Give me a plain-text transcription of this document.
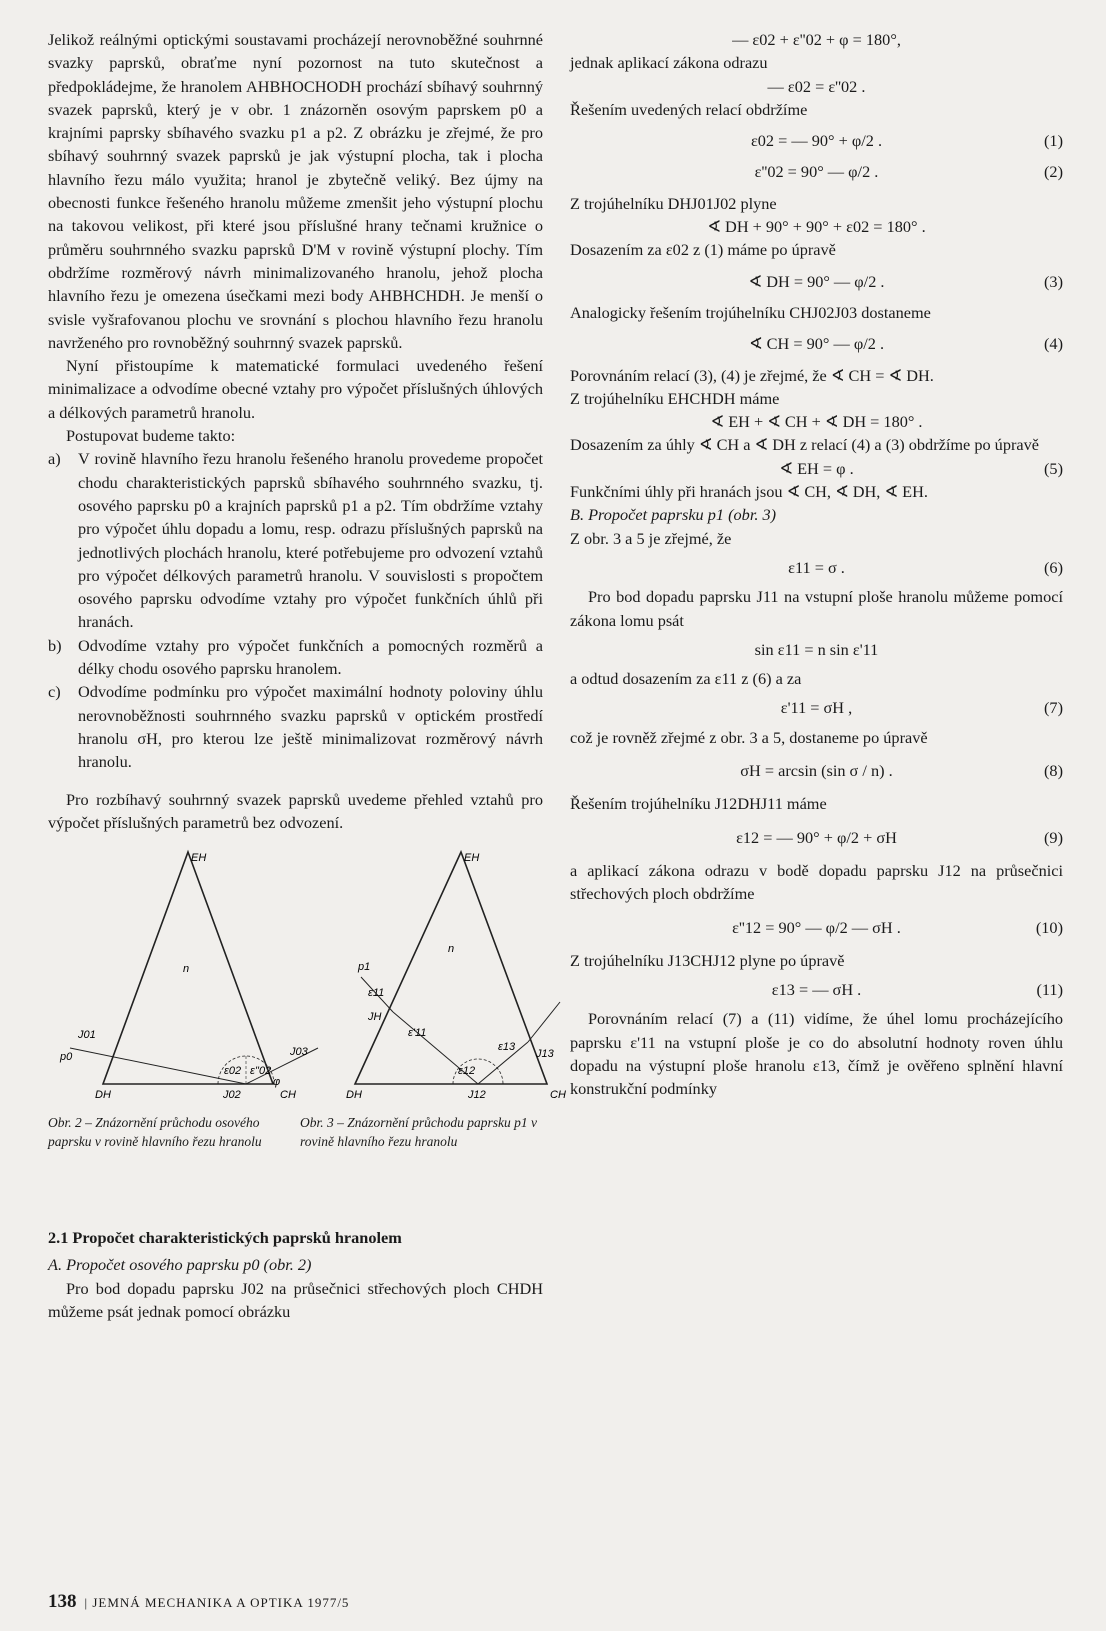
Jelikož reálnými optickými soustavami procházejí nerovnoběžné souhrnné svazky paprsků, obraťme nyní pozornost na tuto skutečnost a předpokládejme, že hranolem AHBHOCHODH prochází sbíhavý souhrnný svazek paprsků, který je v obr. 1 znázorněn osovým paprskem p0 a krajními paprsky sbíhavého svazku p1 a p2. Z obrázku je zřejmé, že pro sbíhavý souhrnný svazek paprsků je jak výstupní plocha, tak i plocha hlavního řezu málo využita; hranol je zbytečně veliký. Bez újmy na obecnosti funkce řešeného hranolu můžeme zmenšit jeho výstupní plochu na takovou velikost, při které jsou příslušné hrany tečnami kružnice o průměru souhrnného svazku paprsků D'M v rovině výstupní plochy. Tím obdržíme rozměrový návrh minimalizovaného hranolu, jehož plocha hlavního řezu je omezena úsečkami mezi body AHBHCHDH. Je menší o svisle vyšrafovanou plochu ve srovnání s plochou hlavního řezu hranolu navrženého pro rovnoběžný souhrnný svazek paprsků.

Nyní přistoupíme k matematické formulaci uvedeného řešení minimalizace a odvodíme obecné vztahy pro výpočet příslušných úhlových a délkových parametrů hranolu.

Postupovat budeme takto:

a)	V rovině hlavního řezu hranolu řešeného hranolu provedeme propočet chodu charakteristických paprsků sbíhavého souhrnného svazku, tj. osového paprsku p0 a krajních paprsků p1 a p2. Tím obdržíme vztahy pro výpočet úhlu dopadu a lomu, resp. odrazu příslušných paprsků na jednotlivých plochách hranolu, které potřebujeme pro odvození vztahů pro výpočet délkových parametrů hranolu. V souvislosti s propočtem osového paprsku odvodíme vztahy pro výpočet funkčních úhlů při hranách.
b)	Odvodíme vztahy pro výpočet funkčních a pomocných rozměrů a délky chodu osového paprsku hranolem.
c)	Odvodíme podmínku pro výpočet maximální hodnoty poloviny úhlu nerovnoběžnosti souhrnného svazku paprsků v optickém prostředí hranolu σH, pro kterou lze ještě minimalizovat rozměrový návrh hranolu.

Pro rozbíhavý souhrnný svazek paprsků uvedeme přehled vztahů pro výpočet příslušných parametrů bez odvození.

EH
DH	CH
n
J01
p0
J02
J03
φ
ε02 ε''02
EH
DH	CH
n
p1
ε11
JH
ε'11
ε12
ε13
J13
J12
Obr. 2 – Znázornění průchodu osového paprsku v rovině hlavního řezu hranolu
Obr. 3 – Znázornění průchodu paprsku p1 v rovině hlavního řezu hranolu

2.1 Propočet charakteristických paprsků hranolem

A. Propočet osového paprsku p0 (obr. 2)

Pro bod dopadu paprsku J02 na průsečnici střechových ploch CHDH můžeme psát jednak pomocí obrázku

— ε02 + ε''02 + φ = 180°,

jednak aplikací zákona odrazu

— ε02 = ε''02 .

Řešením uvedených relací obdržíme

ε02 = — 90° + φ/2 .	(1)
ε''02 = 90° — φ/2 .	(2)

Z trojúhelníku DHJ01J02 plyne

∢ DH + 90° + 90° + ε02 = 180° .

Dosazením za ε02 z (1) máme po úpravě

∢ DH = 90° — φ/2 .	(3)

Analogicky řešením trojúhelníku CHJ02J03 dostaneme

∢ CH = 90° — φ/2 .	(4)

Porovnáním relací (3), (4) je zřejmé, že ∢ CH = ∢ DH.

Z trojúhelníku EHCHDH máme

∢ EH + ∢ CH + ∢ DH = 180° .

Dosazením za úhly ∢ CH a ∢ DH z relací (4) a (3) obdržíme po úpravě

∢ EH = φ .	(5)

Funkčními úhly při hranách jsou ∢ CH, ∢ DH, ∢ EH.

B. Propočet paprsku p1 (obr. 3)

Z obr. 3 a 5 je zřejmé, že

ε11 = σ .	(6)

Pro bod dopadu paprsku J11 na vstupní ploše hranolu můžeme pomocí zákona lomu psát

sin ε11 = n sin ε'11

a odtud dosazením za ε11 z (6) a za

ε'11 = σH ,	(7)

což je rovněž zřejmé z obr. 3 a 5, dostaneme po úpravě

σH = arcsin (sin σ / n) .	(8)

Řešením trojúhelníku J12DHJ11 máme

ε12 = — 90° + φ/2 + σH	(9)

a aplikací zákona odrazu v bodě dopadu paprsku J12 na průsečnici střechových ploch obdržíme

ε''12 = 90° — φ/2 — σH .	(10)

Z trojúhelníku J13CHJ12 plyne po úpravě

ε13 = — σH .	(11)

Porovnáním relací (7) a (11) vidíme, že úhel lomu procházejícího paprsku ε'11 na vstupní ploše je co do absolutní hodnoty roven úhlu dopadu na výstupní ploše hranolu ε13, čímž je ověřeno splnění hlavní konstrukční podmínky

138 | JEMNÁ MECHANIKA A OPTIKA 1977/5
